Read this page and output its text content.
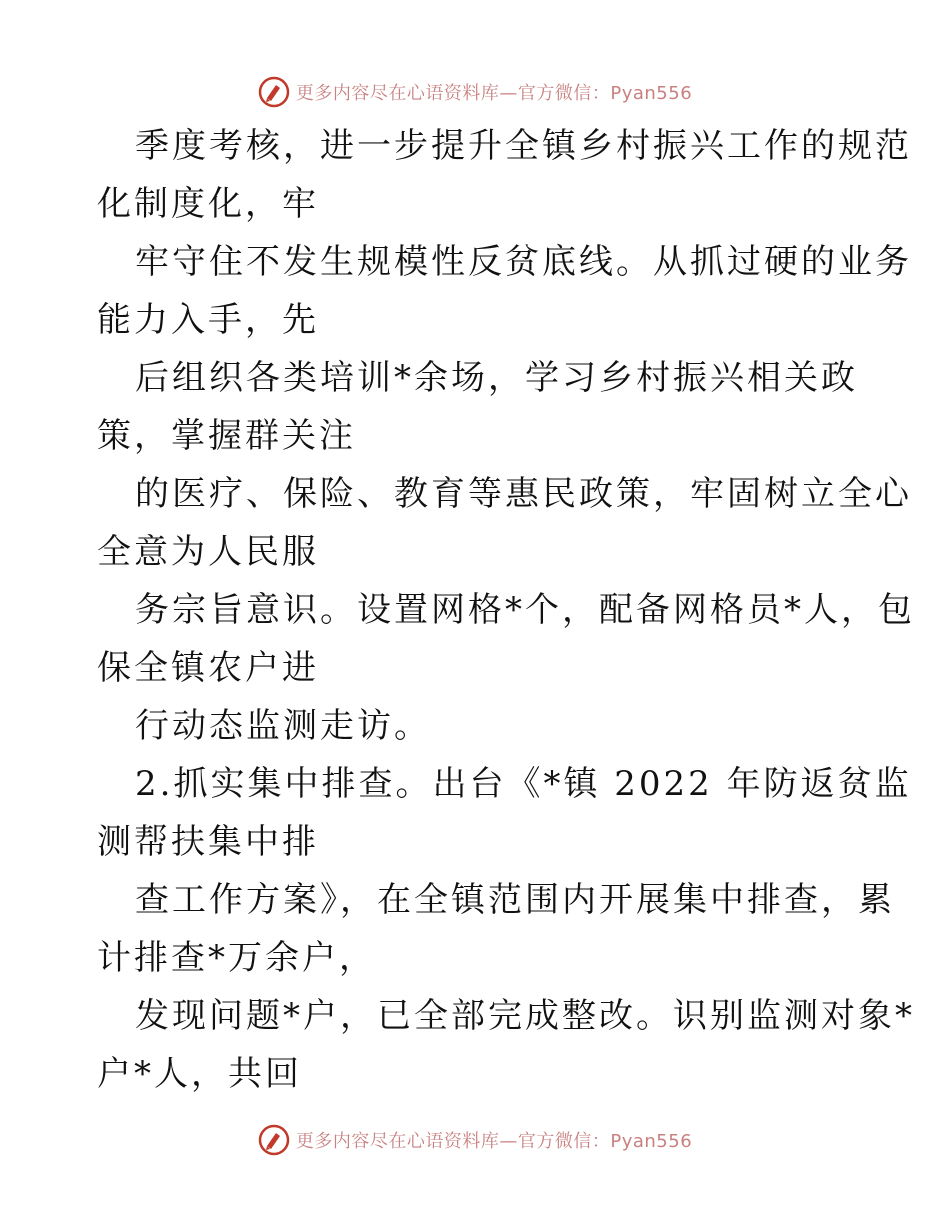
更多内容尽在心语资料库—官方微信：Pyan556
季度考核，进一步提升全镇乡村振兴工作的规范
化制度化，牢
牢守住不发生规模性反贫底线。从抓过硬的业务
能力入手，先
后组织各类培训*余场，学习乡村振兴相关政
策，掌握群关注
的医疗、保险、教育等惠民政策，牢固树立全心
全意为人民服
务宗旨意识。设置网格*个，配备网格员*人，包
保全镇农户进
行动态监测走访。
2.抓实集中排查。出台《*镇 2022 年防返贫监
测帮扶集中排
查工作方案》，在全镇范围内开展集中排查，累
计排查*万余户，
发现问题*户，已全部完成整改。识别监测对象*
户*人，共回
更多内容尽在心语资料库—官方微信：Pyan556
